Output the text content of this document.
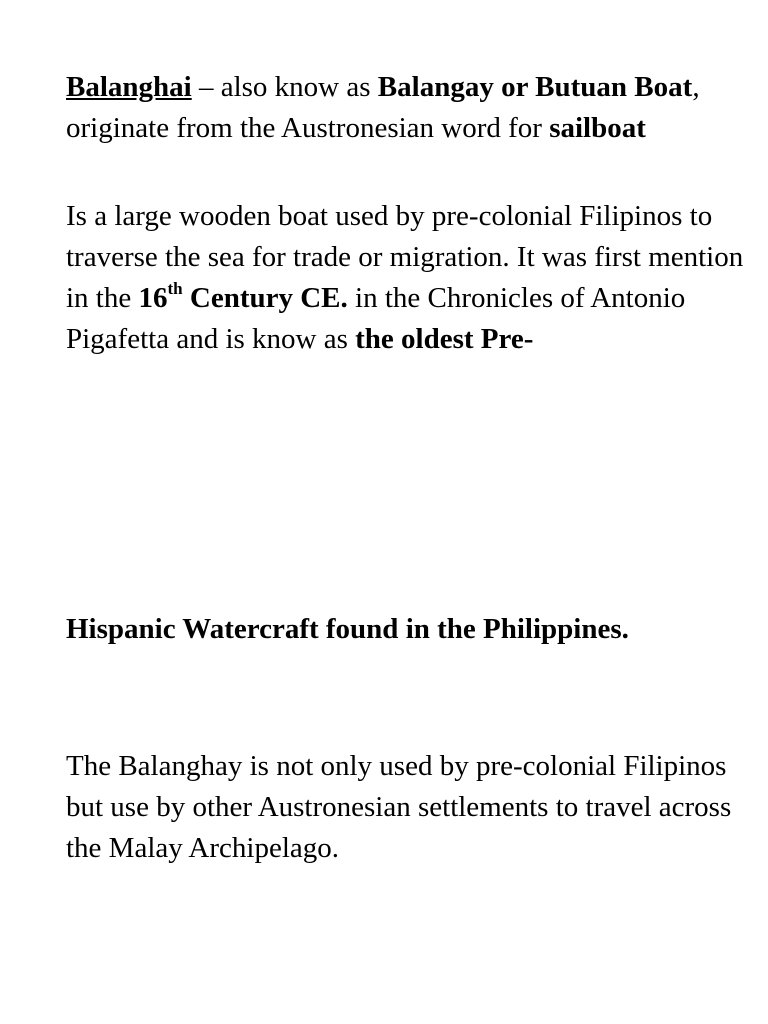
Balanghai – also know as Balangay or Butuan Boat, originate from the Austronesian word for sailboat

Is a large wooden boat used by pre-colonial Filipinos to traverse the sea for trade or migration. It was first mention in the 16th Century CE. in the Chronicles of Antonio Pigafetta and is know as the oldest Pre-

Hispanic Watercraft found in the Philippines.

The Balanghay is not only used by pre-colonial Filipinos but use by other Austronesian settlements to travel across the Malay Archipelago.
